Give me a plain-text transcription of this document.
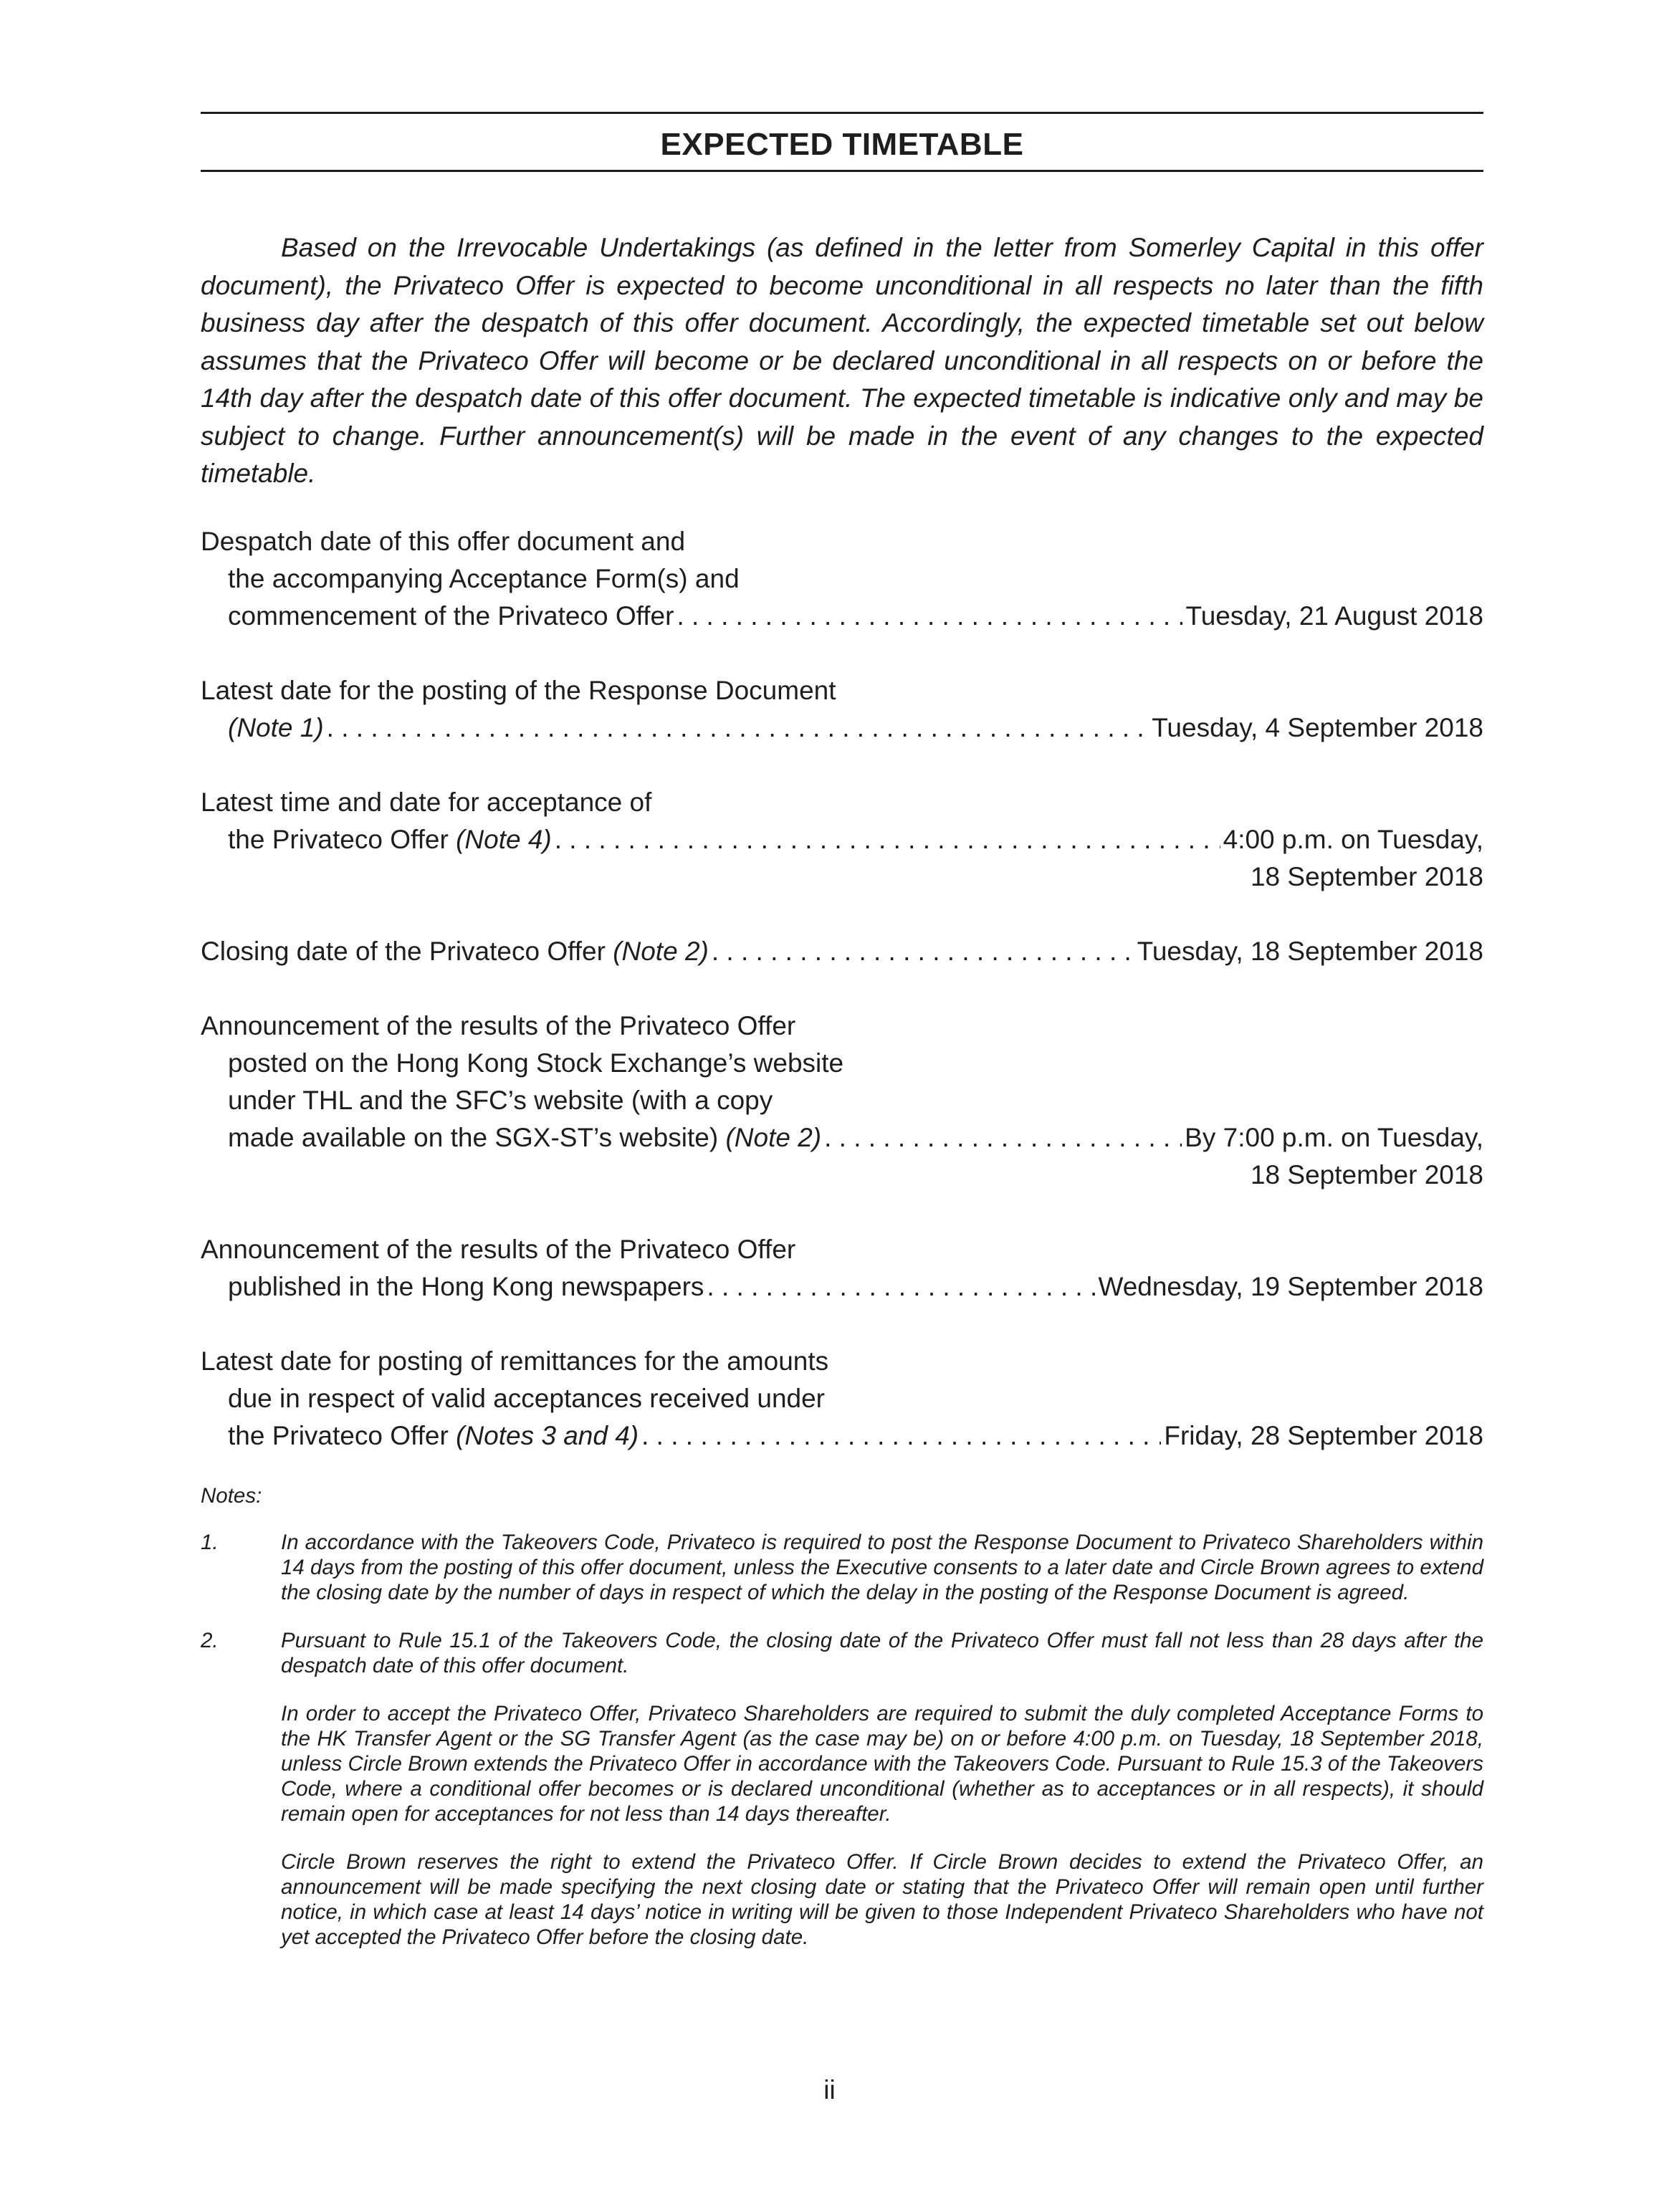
EXPECTED TIMETABLE

Based on the Irrevocable Undertakings (as defined in the letter from Somerley Capital in this offer document), the Privateco Offer is expected to become unconditional in all respects no later than the fifth business day after the despatch of this offer document. Accordingly, the expected timetable set out below assumes that the Privateco Offer will become or be declared unconditional in all respects on or before the 14th day after the despatch date of this offer document. The expected timetable is indicative only and may be subject to change. Further announcement(s) will be made in the event of any changes to the expected timetable.

Despatch date of this offer document and
the accompanying Acceptance Form(s) and
commencement of the Privateco Offer . . .	Tuesday, 21 August 2018
Latest date for the posting of the Response Document
(Note 1) . . .	Tuesday, 4 September 2018
Latest time and date for acceptance of
the Privateco Offer (Note 4) . . .	4:00 p.m. on Tuesday,
18 September 2018
Closing date of the Privateco Offer (Note 2) . . .	Tuesday, 18 September 2018
Announcement of the results of the Privateco Offer
posted on the Hong Kong Stock Exchange’s website
under THL and the SFC’s website (with a copy
made available on the SGX-ST’s website) (Note 2) . . .	By 7:00 p.m. on Tuesday,
18 September 2018
Announcement of the results of the Privateco Offer
published in the Hong Kong newspapers . . .	Wednesday, 19 September 2018
Latest date for posting of remittances for the amounts
due in respect of valid acceptances received under
the Privateco Offer (Notes 3 and 4) . . .	Friday, 28 September 2018
Notes:
1.	In accordance with the Takeovers Code, Privateco is required to post the Response Document to Privateco Shareholders within 14 days from the posting of this offer document, unless the Executive consents to a later date and Circle Brown agrees to extend the closing date by the number of days in respect of which the delay in the posting of the Response Document is agreed.

2.	Pursuant to Rule 15.1 of the Takeovers Code, the closing date of the Privateco Offer must fall not less than 28 days after the despatch date of this offer document.

In order to accept the Privateco Offer, Privateco Shareholders are required to submit the duly completed Acceptance Forms to the HK Transfer Agent or the SG Transfer Agent (as the case may be) on or before 4:00 p.m. on Tuesday, 18 September 2018, unless Circle Brown extends the Privateco Offer in accordance with the Takeovers Code. Pursuant to Rule 15.3 of the Takeovers Code, where a conditional offer becomes or is declared unconditional (whether as to acceptances or in all respects), it should remain open for acceptances for not less than 14 days thereafter.

Circle Brown reserves the right to extend the Privateco Offer. If Circle Brown decides to extend the Privateco Offer, an announcement will be made specifying the next closing date or stating that the Privateco Offer will remain open until further notice, in which case at least 14 days’ notice in writing will be given to those Independent Privateco Shareholders who have not yet accepted the Privateco Offer before the closing date.

ii
